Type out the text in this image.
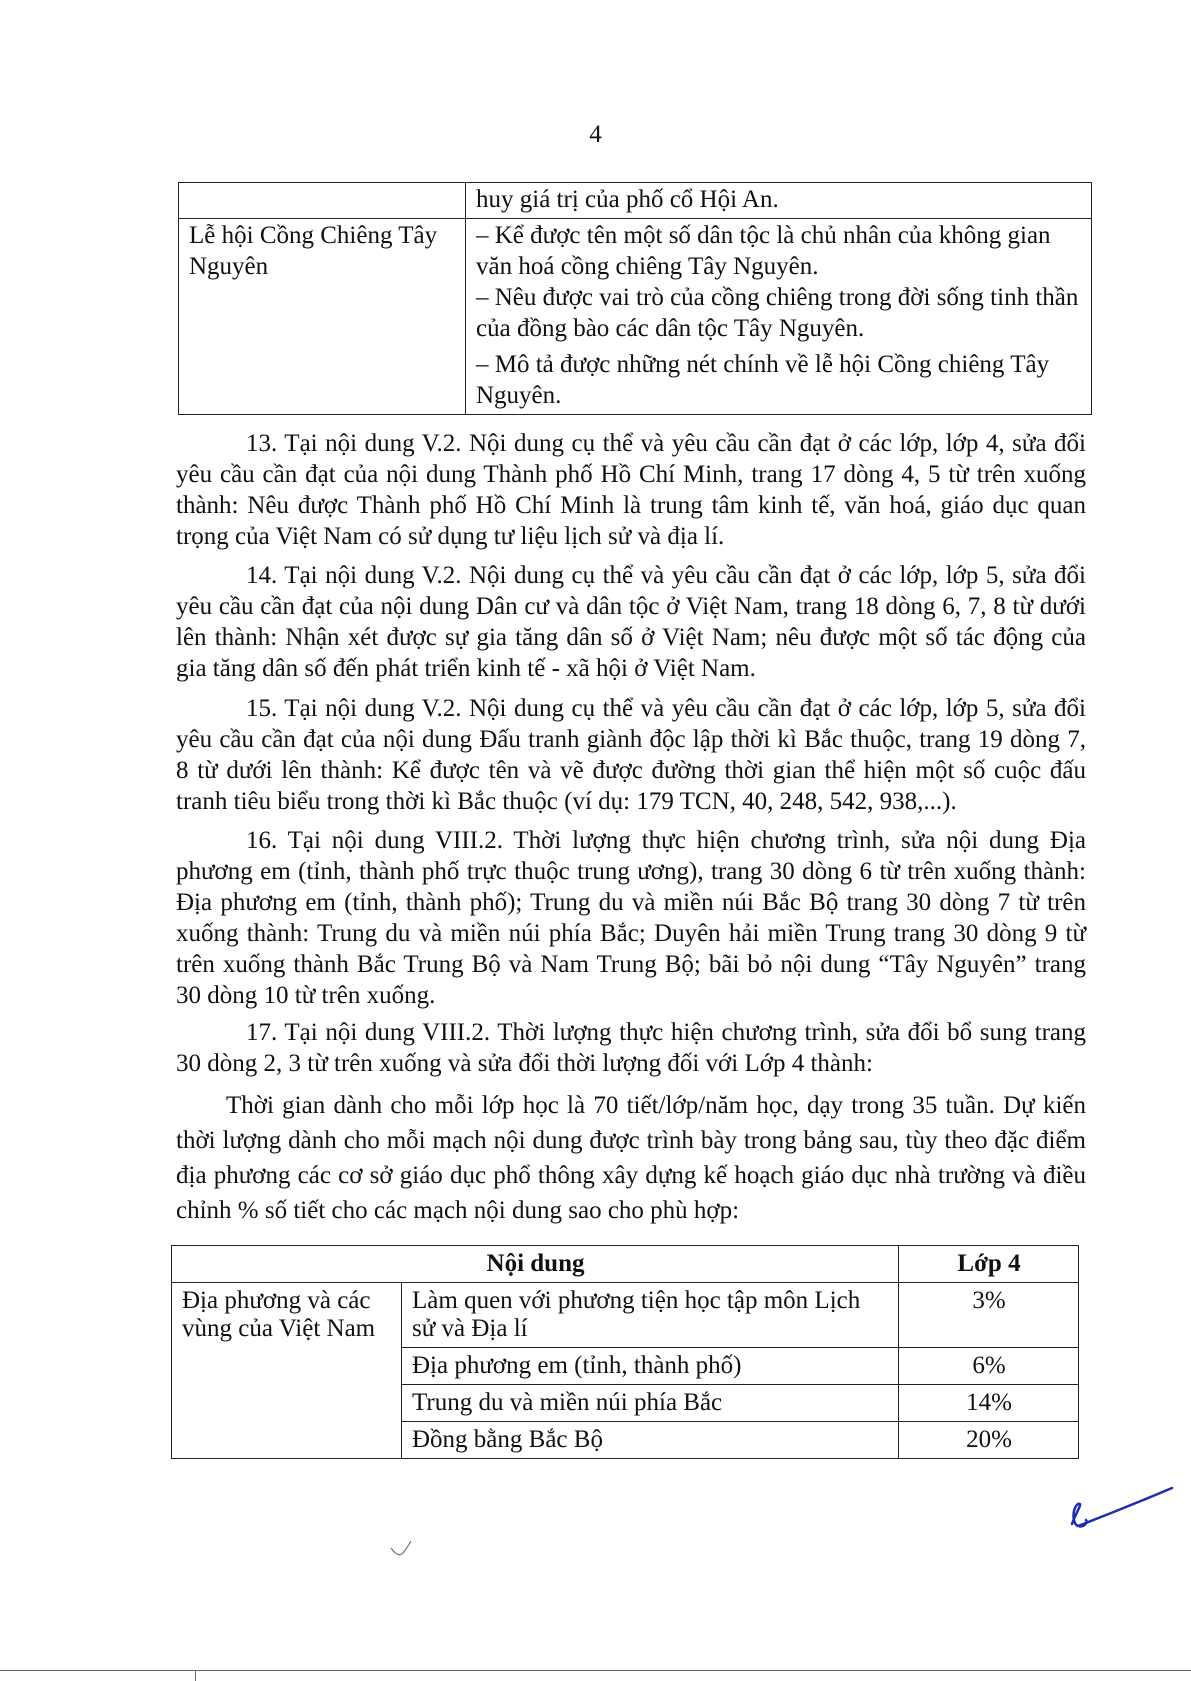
4

	huy giá trị của phố cổ Hội An.

Lễ hội Cồng Chiêng Tây Nguyên	– Kể được tên một số dân tộc là chủ nhân của không gian văn hoá cồng chiêng Tây Nguyên.
– Nêu được vai trò của cồng chiêng trong đời sống tinh thần của đồng bào các dân tộc Tây Nguyên.
– Mô tả được những nét chính về lễ hội Cồng chiêng Tây Nguyên.
13. Tại nội dung V.2. Nội dung cụ thể và yêu cầu cần đạt ở các lớp, lớp 4, sửa đổi yêu cầu cần đạt của nội dung Thành phố Hồ Chí Minh, trang 17 dòng 4, 5 từ trên xuống thành: Nêu được Thành phố Hồ Chí Minh là trung tâm kinh tế, văn hoá, giáo dục quan trọng của Việt Nam có sử dụng tư liệu lịch sử và địa lí.
14. Tại nội dung V.2. Nội dung cụ thể và yêu cầu cần đạt ở các lớp, lớp 5, sửa đổi yêu cầu cần đạt của nội dung Dân cư và dân tộc ở Việt Nam, trang 18 dòng 6, 7, 8 từ dưới lên thành: Nhận xét được sự gia tăng dân số ở Việt Nam; nêu được một số tác động của gia tăng dân số đến phát triển kinh tế - xã hội ở Việt Nam.
15. Tại nội dung V.2. Nội dung cụ thể và yêu cầu cần đạt ở các lớp, lớp 5, sửa đổi yêu cầu cần đạt của nội dung Đấu tranh giành độc lập thời kì Bắc thuộc, trang 19 dòng 7, 8 từ dưới lên thành: Kể được tên và vẽ được đường thời gian thể hiện một số cuộc đấu tranh tiêu biểu trong thời kì Bắc thuộc (ví dụ: 179 TCN, 40, 248, 542, 938,...).
16. Tại nội dung VIII.2. Thời lượng thực hiện chương trình, sửa nội dung Địa phương em (tỉnh, thành phố trực thuộc trung ương), trang 30 dòng 6 từ trên xuống thành: Địa phương em (tỉnh, thành phố); Trung du và miền núi Bắc Bộ trang 30 dòng 7 từ trên xuống thành: Trung du và miền núi phía Bắc; Duyên hải miền Trung trang 30 dòng 9 từ trên xuống thành Bắc Trung Bộ và Nam Trung Bộ; bãi bỏ nội dung “Tây Nguyên” trang 30 dòng 10 từ trên xuống.
17. Tại nội dung VIII.2. Thời lượng thực hiện chương trình, sửa đổi bổ sung trang 30 dòng 2, 3 từ trên xuống và sửa đổi thời lượng đối với Lớp 4 thành:
Thời gian dành cho mỗi lớp học là 70 tiết/lớp/năm học, dạy trong 35 tuần. Dự kiến thời lượng dành cho mỗi mạch nội dung được trình bày trong bảng sau, tùy theo đặc điểm địa phương các cơ sở giáo dục phổ thông xây dựng kế hoạch giáo dục nhà trường và điều chỉnh % số tiết cho các mạch nội dung sao cho phù hợp:
Nội dung		Lớp 4
Địa phương và các vùng của Việt Nam	Làm quen với phương tiện học tập môn Lịch sử và Địa lí	3%
	Địa phương em (tỉnh, thành phố)	6%
	Trung du và miền núi phía Bắc	14%
	Đồng bằng Bắc Bộ	20%
